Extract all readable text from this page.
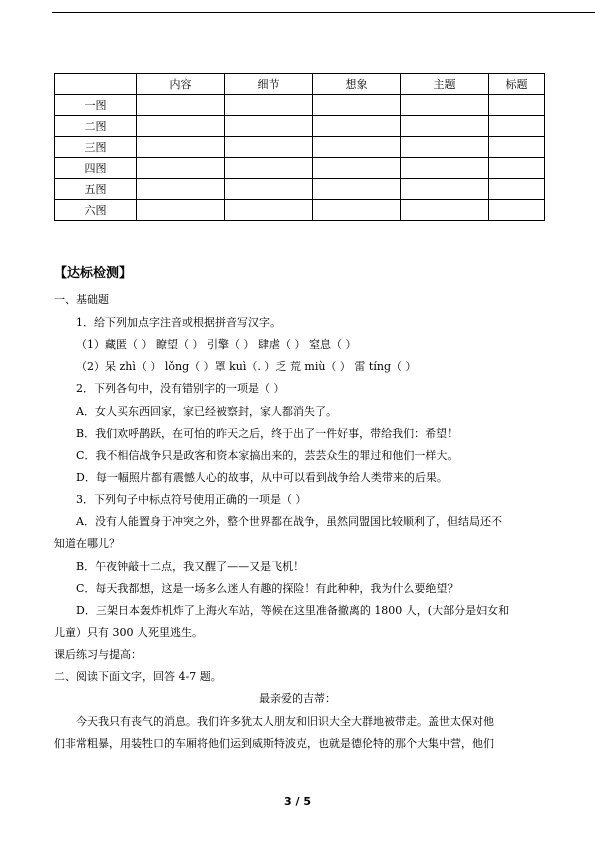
	内容	细节	想象	主题	标题
一图					
二图					
三图					
四图					
五图					
六图					
【达标检测】
一、基础题
1．给下列加点字注音或根据拼音写汉字。
（1）藏匿（ ） 瞭望（ ） 引擎（ ） 肆虐（ ） 窒息（ ）
（2）呆 zhì（ ） lǒng（ ）罩 kuì（. ）乏 荒 miù（ ） 雷 tíng（ ）
2．下列各句中，没有错别字的一项是（ ）
A．女人买东西回家，家已经被察封，家人都消失了。
B．我们欢呼鹊跃，在可怕的昨天之后，终于出了一件好事，带给我们：希望！
C．我不相信战争只是政客和资本家搞出来的，芸芸众生的罪过和他们一样大。
D．每一幅照片都有震憾人心的故事，从中可以看到战争给人类带来的后果。
3．下列句子中标点符号使用正确的一项是（ ）
A．没有人能置身于冲突之外，整个世界都在战争，虽然同盟国比较顺利了，但结局还不
知道在哪儿？
B．午夜钟敲十二点，我又醒了——又是飞机！
C．每天我都想，这是一场多么迷人有趣的探险！有此种种，我为什么要绝望？
D．三架日本轰炸机炸了上海火车站，等候在这里准备撤离的 1800 人，(大部分是妇女和
儿童）只有 300 人死里逃生。
课后练习与提高：
二、阅读下面文字，回答 4-7 题。
最亲爱的吉蒂：
今天我只有丧气的消息。我们许多犹太人朋友和旧识大全大群地被带走。盖世太保对他
们非常粗暴，用装牲口的车厢将他们运到威斯特波克，也就是德伦特的那个大集中营，他们
3 / 5
